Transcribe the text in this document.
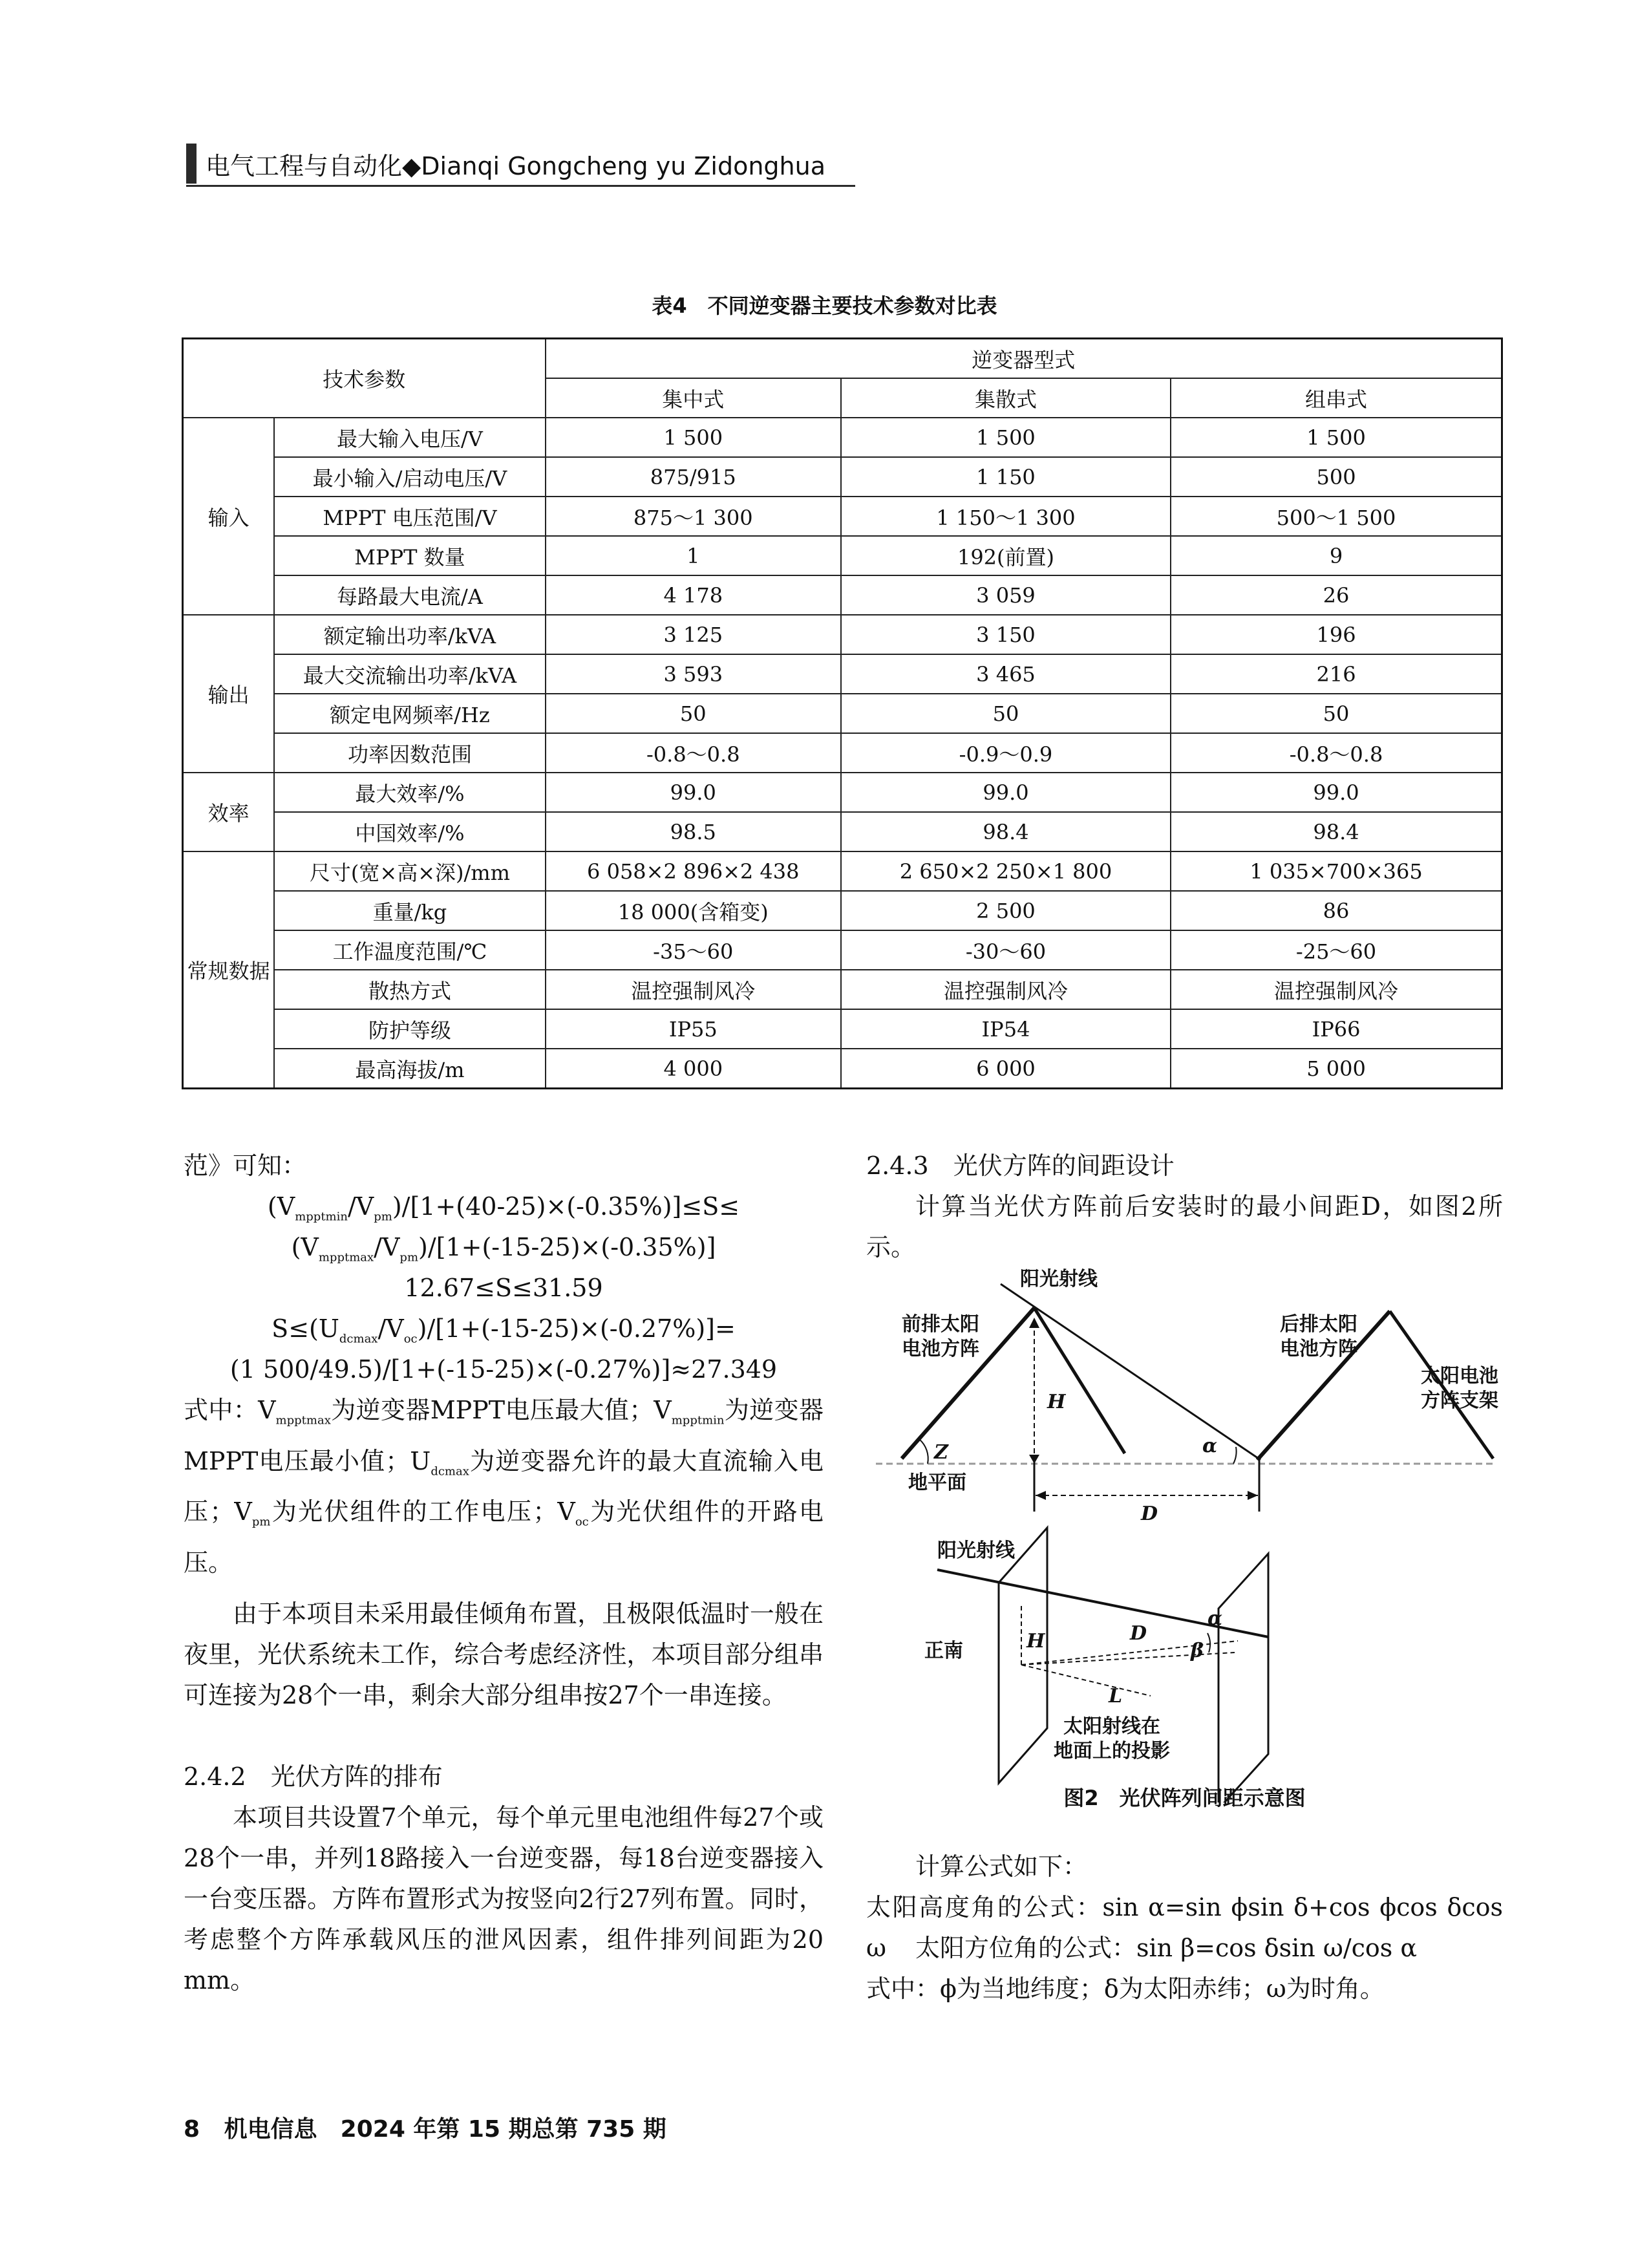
电气工程与自动化◆Dianqi Gongcheng yu Zidonghua
表4　不同逆变器主要技术参数对比表
技术参数		逆变器型式		
		集中式	集散式	组串式
输入	最大输入电压/V	1 500	1 500	1 500
	最小输入/启动电压/V	875/915	1 150	500
	MPPT 电压范围/V	875～1 300	1 150～1 300	500～1 500
	MPPT 数量	1	192(前置)	9
	每路最大电流/A	4 178	3 059	26
输出	额定输出功率/kVA	3 125	3 150	196
	最大交流输出功率/kVA	3 593	3 465	216
	额定电网频率/Hz	50	50	50
	功率因数范围	-0.8～0.8	-0.9～0.9	-0.8～0.8
效率	最大效率/%	99.0	99.0	99.0
	中国效率/%	98.5	98.4	98.4
常规数据	尺寸(宽×高×深)/mm	6 058×2 896×2 438	2 650×2 250×1 800	1 035×700×365
	重量/kg	18 000(含箱变)	2 500	86
	工作温度范围/℃	-35～60	-30～60	-25～60
	散热方式	温控强制风冷	温控强制风冷	温控强制风冷
	防护等级	IP55	IP54	IP66
	最高海拔/m	4 000	6 000	5 000
范》可知：
$(V_{mpptmin}/V_{pm})/[1+(40-25)\times(-0.35\%)]\le S\le$
$(V_{mpptmax}/V_{pm})/[1+(-15-25)\times(-0.35\%)]$
12.67≤S≤31.59
$S\le(U_{dcmax}/V_{oc})/[1+(-15-25)\times(-0.27\%)]=$
(1 500/49.5)/[1+(-15-25)×(-0.27%)]≈27.349
式中：$V_{mpptmax}$为逆变器MPPT电压最大值；$V_{mpptmin}$为逆变器MPPT电压最小值；$U_{dcmax}$为逆变器允许的最大直流输入电压；$V_{pm}$为光伏组件的工作电压；$V_{oc}$为光伏组件的开路电压。
由于本项目未采用最佳倾角布置，且极限低温时一般在夜里，光伏系统未工作，综合考虑经济性，本项目部分组串可连接为28个一串，剩余大部分组串按27个一串连接。
2.4.2　光伏方阵的排布
本项目共设置7个单元，每个单元里电池组件每27个或28个一串，并列18路接入一台逆变器，每18台逆变器接入一台变压器。方阵布置形式为按竖向2行27列布置。同时，考虑整个方阵承载风压的泄风因素，组件排列间距为20 mm。
2.4.3　光伏方阵的间距设计
计算当光伏方阵前后安装时的最小间距D，如图2所示。
阳光射线
前排太阳
电池方阵
后排太阳
电池方阵
太阳电池
方阵支架
H
Z	α
地平面
D
阳光射线
正南	H	D
α
β
L
太阳射线在
地面上的投影
图2　光伏阵列间距示意图
计算公式如下：
太阳高度角的公式：sin α=sin ϕsin δ+cos ϕcos δcos ω	太阳方位角的公式：sin β=cos δsin ω/cos α
式中：ϕ为当地纬度；δ为太阳赤纬；ω为时角。
8 机电信息　2024 年第 15 期总第 735 期
